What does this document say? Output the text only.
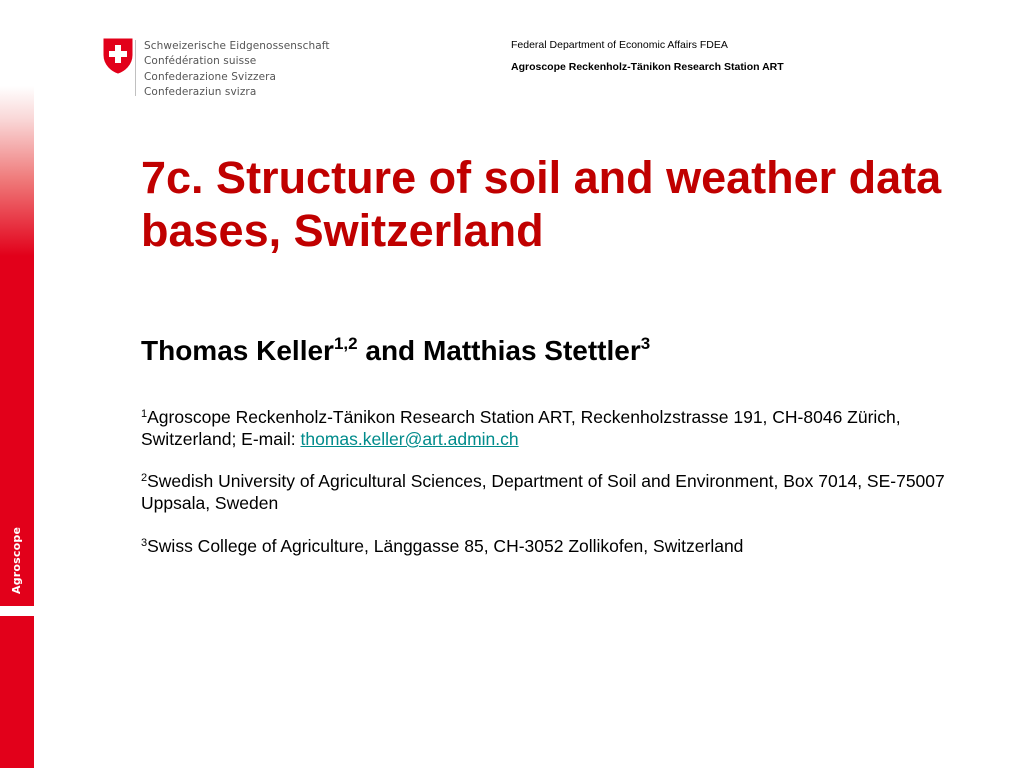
Schweizerische Eidgenossenschaft
Confédération suisse
Confederazione Svizzera
Confederaziun svizra
Federal Department of Economic Affairs FDEA
Agroscope Reckenholz-Tänikon Research Station ART
7c. Structure of soil and weather data bases, Switzerland

Thomas Keller$^{1,2}$ and Matthias Stettler$^3$

$^1$Agroscope Reckenholz-Tänikon Research Station ART, Reckenholzstrasse 191, CH-8046 Zürich, Switzerland; E-mail: thomas.keller@art.admin.ch

$^2$Swedish University of Agricultural Sciences, Department of Soil and Environment, Box 7014, SE-75007 Uppsala, Sweden

$^3$Swiss College of Agriculture, Länggasse 85, CH-3052 Zollikofen, Switzerland
